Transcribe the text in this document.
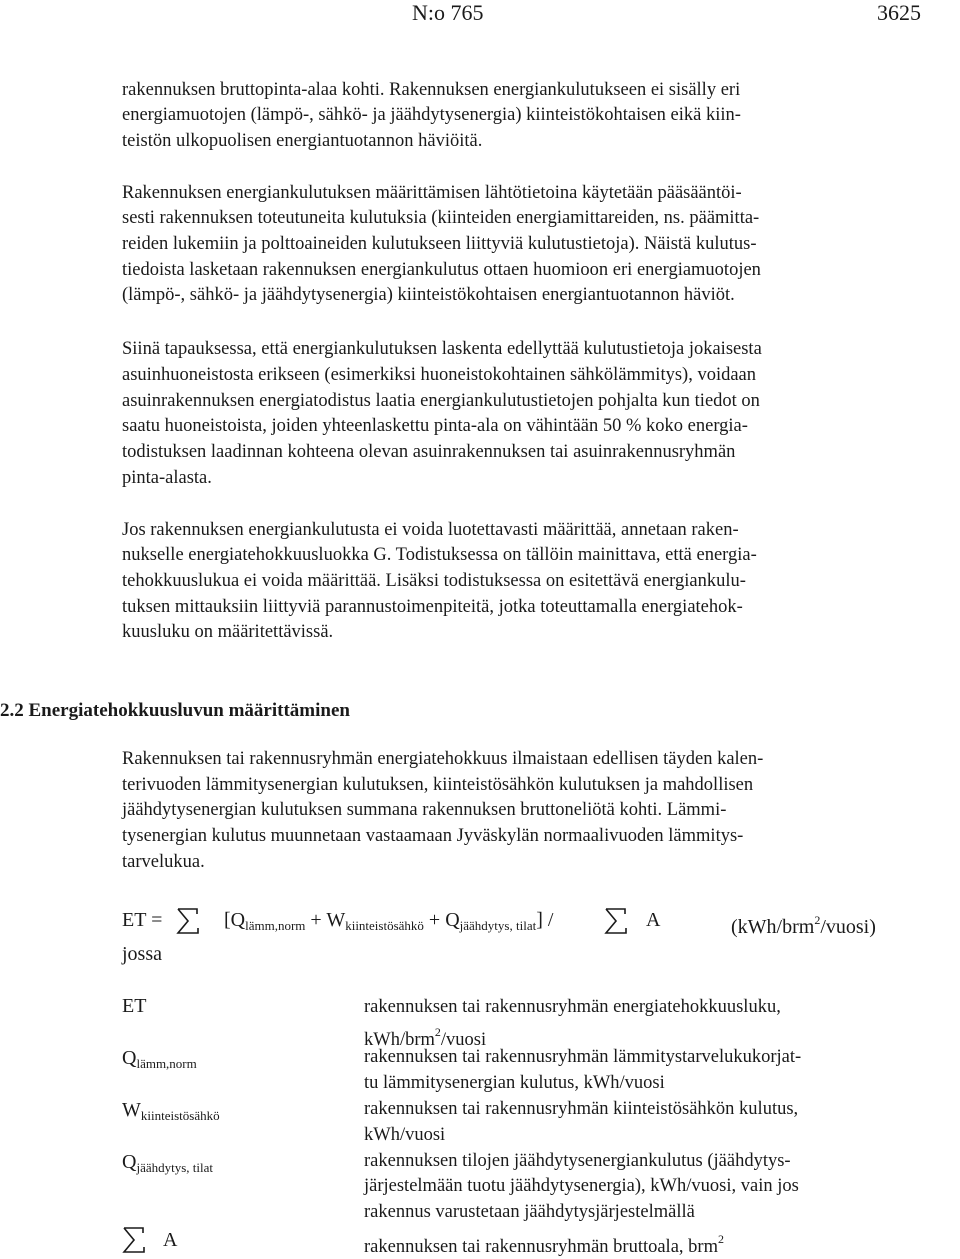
N:o 765	3625
rakennuksen bruttopinta-alaa kohti. Rakennuksen energiankulutukseen ei sisälly eri
energiamuotojen (lämpö-, sähkö- ja jäähdytysenergia) kiinteistökohtaisen eikä kiin-
teistön ulkopuolisen energiantuotannon häviöitä.
Rakennuksen energiankulutuksen määrittämisen lähtötietoina käytetään pääsääntöi-
sesti rakennuksen toteutuneita kulutuksia (kiinteiden energiamittareiden, ns. päämitta-
reiden lukemiin ja polttoaineiden kulutukseen liittyviä kulutustietoja). Näistä kulutus-
tiedoista lasketaan rakennuksen energiankulutus ottaen huomioon eri energiamuotojen
(lämpö-, sähkö- ja jäähdytysenergia) kiinteistökohtaisen energiantuotannon häviöt.
Siinä tapauksessa, että energiankulutuksen laskenta edellyttää kulutustietoja jokaisesta
asuinhuoneistosta erikseen (esimerkiksi huoneistokohtainen sähkölämmitys), voidaan
asuinrakennuksen energiatodistus laatia energiankulutustietojen pohjalta kun tiedot on
saatu huoneistoista, joiden yhteenlaskettu pinta-ala on vähintään 50 % koko energia-
todistuksen laadinnan kohteena olevan asuinrakennuksen tai asuinrakennusryhmän
pinta-alasta.
Jos rakennuksen energiankulutusta ei voida luotettavasti määrittää, annetaan raken-
nukselle energiatehokkuusluokka G. Todistuksessa on tällöin mainittava, että energia-
tehokkuuslukua ei voida määrittää. Lisäksi todistuksessa on esitettävä energiankulu-
tuksen mittauksiin liittyviä parannustoimenpiteitä, jotka toteuttamalla energiatehok-
kuusluku on määritettävissä.
2.2 Energiatehokkuusluvun määrittäminen
Rakennuksen tai rakennusryhmän energiatehokkuus ilmaistaan edellisen täyden kalen-
terivuoden lämmitysenergian kulutuksen, kiinteistösähkön kulutuksen ja mahdollisen
jäähdytysenergian kulutuksen summana rakennuksen bruttoneliötä kohti. Lämmi-
tysenergian kulutus muunnetaan vastaamaan Jyväskylän normaalivuoden lämmitys-
tarvelukua.
ET =	$[Q_{lämm,norm} + W_{kiinteistösähkö} + Q_{jäähdytys, tilat}]$ /	A	(kWh/brm$^2$/vuosi)
jossa
ET	rakennuksen tai rakennusryhmän energiatehokkuusluku,
kWh/brm$^2$/vuosi
$Q_{lämm,norm}$	rakennuksen tai rakennusryhmän lämmitystarvelukukorjat-
tu lämmitysenergian kulutus, kWh/vuosi
$W_{kiinteistösähkö}$	rakennuksen tai rakennusryhmän kiinteistösähkön kulutus,
kWh/vuosi
$Q_{jäähdytys, tilat}$	rakennuksen tilojen jäähdytysenergiankulutus (jäähdytys-
järjestelmään tuotu jäähdytysenergia), kWh/vuosi, vain jos
rakennus varustetaan jäähdytysjärjestelmällä
A	rakennuksen tai rakennusryhmän bruttoala, brm$^2$
